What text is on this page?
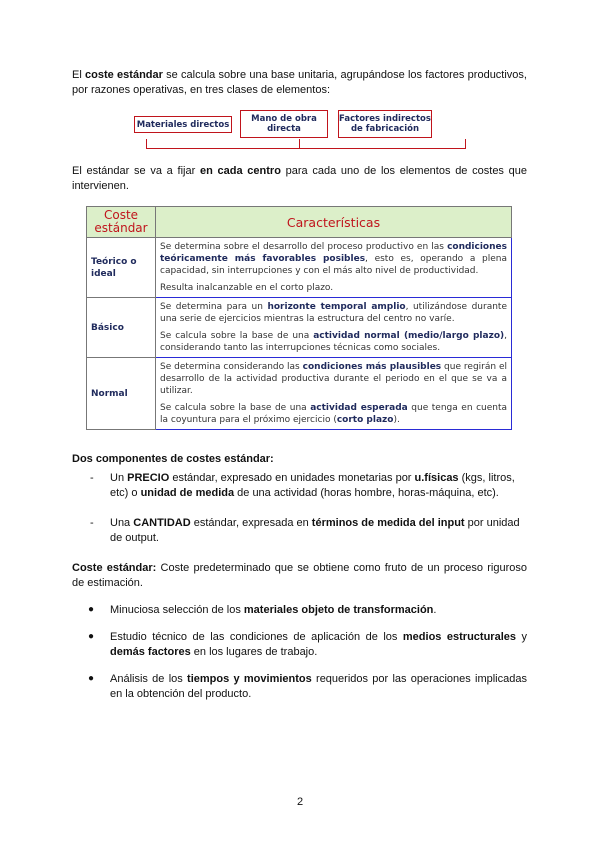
El coste estándar se calcula sobre una base unitaria, agrupándose los factores productivos, por razones operativas, en tres clases de elementos:

Materiales directos
Mano de obra directa
Factores indirectos de fabricación

El estándar se va a fijar en cada centro para cada uno de los elementos de costes que intervienen.

Coste estándar	Características
Teórico o ideal	Se determina sobre el desarrollo del proceso productivo en las condiciones teóricamente más favorables posibles, esto es, operando a plena capacidad, sin interrupciones y con el más alto nivel de productividad.
Resulta inalcanzable en el corto plazo.

Básico	Se determina para un horizonte temporal amplio, utilizándose durante una serie de ejercicios mientras la estructura del centro no varíe.
Se calcula sobre la base de una actividad normal (medio/largo plazo), considerando tanto las interrupciones técnicas como sociales.

Normal	Se determina considerando las condiciones más plausibles que regirán el desarrollo de la actividad productiva durante el periodo en el que se va a utilizar.
Se calcula sobre la base de una actividad esperada que tenga en cuenta la coyuntura para el próximo ejercicio (corto plazo).
Dos componentes de costes estándar:
- Un PRECIO estándar, expresado en unidades monetarias por u.físicas (kgs, litros, etc) o unidad de medida de una actividad (horas hombre, horas-máquina, etc).
- Una CANTIDAD estándar, expresada en términos de medida del input por unidad de output.

Coste estándar: Coste predeterminado que se obtiene como fruto de un proceso riguroso de estimación.

● Minuciosa selección de los materiales objeto de transformación.
● Estudio técnico de las condiciones de aplicación de los medios estructurales y demás factores en los lugares de trabajo.
● Análisis de los tiempos y movimientos requeridos por las operaciones implicadas en la obtención del producto.
2
